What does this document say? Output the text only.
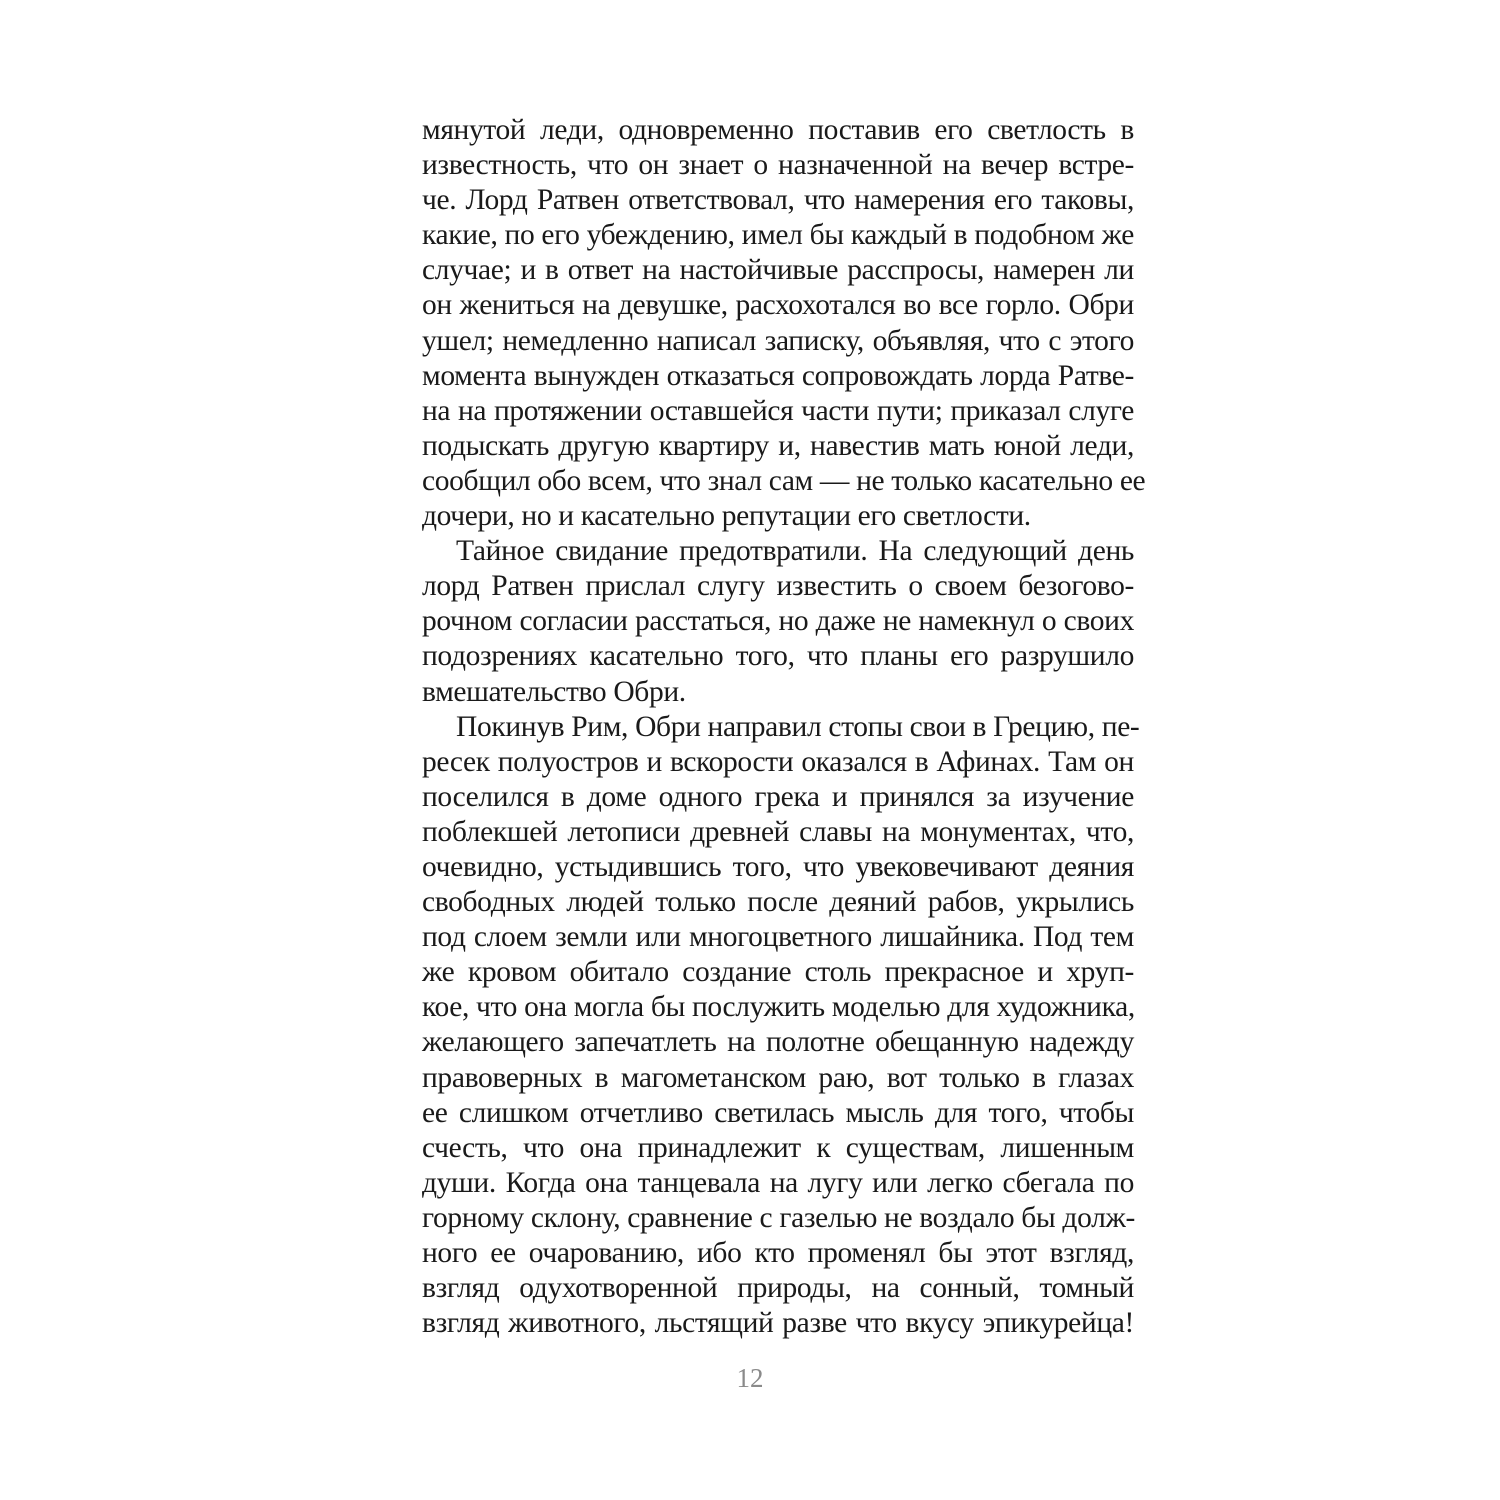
мянутой леди, одновременно поставив его светлость в
известность, что он знает о назначенной на вечер встре-
че. Лорд Ратвен ответствовал, что намерения его таковы,
какие, по его убеждению, имел бы каждый в подобном же
случае; и в ответ на настойчивые расспросы, намерен ли
он жениться на девушке, расхохотался во все горло. Обри
ушел; немедленно написал записку, объявляя, что с этого
момента вынужден отказаться сопровождать лорда Ратве-
на на протяжении оставшейся части пути; приказал слуге
подыскать другую квартиру и, навестив мать юной леди,
сообщил обо всем, что знал сам — не только касательно ее
дочери, но и касательно репутации его светлости.
Тайное свидание предотвратили. На следующий день
лорд Ратвен прислал слугу известить о своем безогово-
рочном согласии расстаться, но даже не намекнул о своих
подозрениях касательно того, что планы его разрушило
вмешательство Обри.
Покинув Рим, Обри направил стопы свои в Грецию, пе-
ресек полуостров и вскорости оказался в Афинах. Там он
поселился в доме одного грека и принялся за изучение
поблекшей летописи древней славы на монументах, что,
очевидно, устыдившись того, что увековечивают деяния
свободных людей только после деяний рабов, укрылись
под слоем земли или многоцветного лишайника. Под тем
же кровом обитало создание столь прекрасное и хруп-
кое, что она могла бы послужить моделью для художника,
желающего запечатлеть на полотне обещанную надежду
правоверных в магометанском раю, вот только в глазах
ее слишком отчетливо светилась мысль для того, чтобы
счесть, что она принадлежит к существам, лишенным
души. Когда она танцевала на лугу или легко сбегала по
горному склону, сравнение с газелью не воздало бы долж-
ного ее очарованию, ибо кто променял бы этот взгляд,
взгляд одухотворенной природы, на сонный, томный
взгляд животного, льстящий разве что вкусу эпикурейца!
12
